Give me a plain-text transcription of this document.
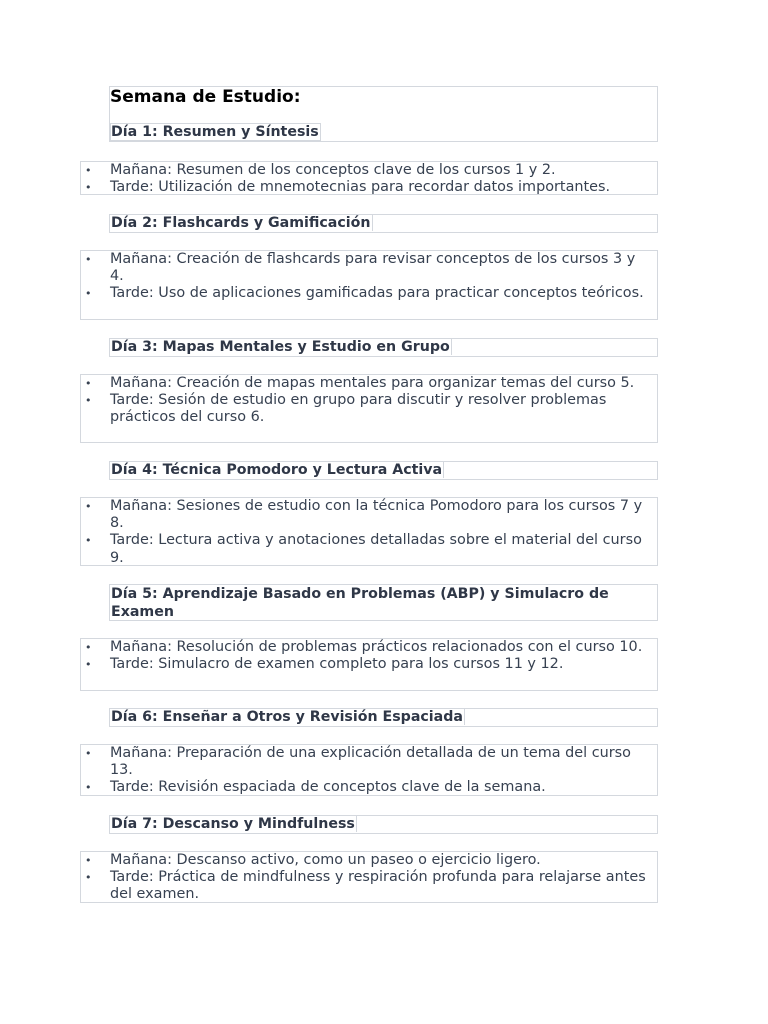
Semana de Estudio:
Día 1: Resumen y Síntesis
• Mañana: Resumen de los conceptos clave de los cursos 1 y 2.
• Tarde: Utilización de mnemotecnias para recordar datos importantes.
Día 2: Flashcards y Gamificación
• Mañana: Creación de flashcards para revisar conceptos de los cursos 3 y 4.
• Tarde: Uso de aplicaciones gamificadas para practicar conceptos teóricos.
Día 3: Mapas Mentales y Estudio en Grupo
• Mañana: Creación de mapas mentales para organizar temas del curso 5.
• Tarde: Sesión de estudio en grupo para discutir y resolver problemas prácticos del curso 6.
Día 4: Técnica Pomodoro y Lectura Activa
• Mañana: Sesiones de estudio con la técnica Pomodoro para los cursos 7 y 8.
• Tarde: Lectura activa y anotaciones detalladas sobre el material del curso 9.
Día 5: Aprendizaje Basado en Problemas (ABP) y Simulacro de Examen
• Mañana: Resolución de problemas prácticos relacionados con el curso 10.
• Tarde: Simulacro de examen completo para los cursos 11 y 12.
Día 6: Enseñar a Otros y Revisión Espaciada
• Mañana: Preparación de una explicación detallada de un tema del curso 13.
• Tarde: Revisión espaciada de conceptos clave de la semana.
Día 7: Descanso y Mindfulness
• Mañana: Descanso activo, como un paseo o ejercicio ligero.
• Tarde: Práctica de mindfulness y respiración profunda para relajarse antes del examen.
